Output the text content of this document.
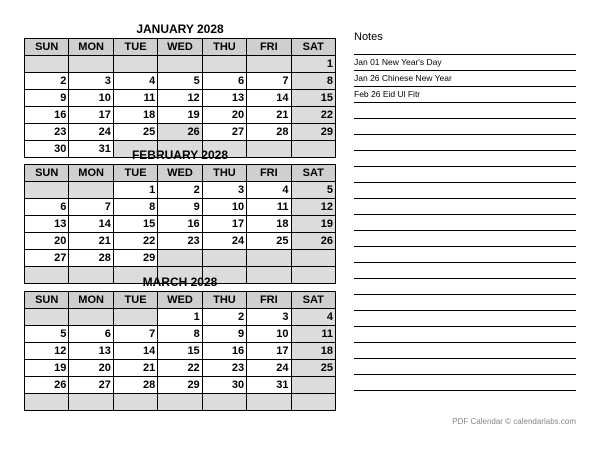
JANUARY 2028
SUN	MON	TUE	WED	THU	FRI	SAT
						1
2	3	4	5	6	7	8
9	10	11	12	13	14	15
16	17	18	19	20	21	22
23	24	25	26	27	28	29
30	31						FEBRUARY 2028
SUN	MON	TUE	WED	THU	FRI	SAT
		1	2	3	4	5
6	7	8	9	10	11	12
13	14	15	16	17	18	19
20	21	22	23	24	25	26
27	28	29				

MARCH 2028
SUN	MON	TUE	WED	THU	FRI	SAT
			1	2	3	4
5	6	7	8	9	10	11
12	13	14	15	16	17	18
19	20	21	22	23	24	25
26	27	28	29	30	31	

Notes
Jan 01 New Year's Day
Jan 26 Chinese New Year
Feb 26 Eid Ul Fitr
PDF Calendar © calendarlabs.com
